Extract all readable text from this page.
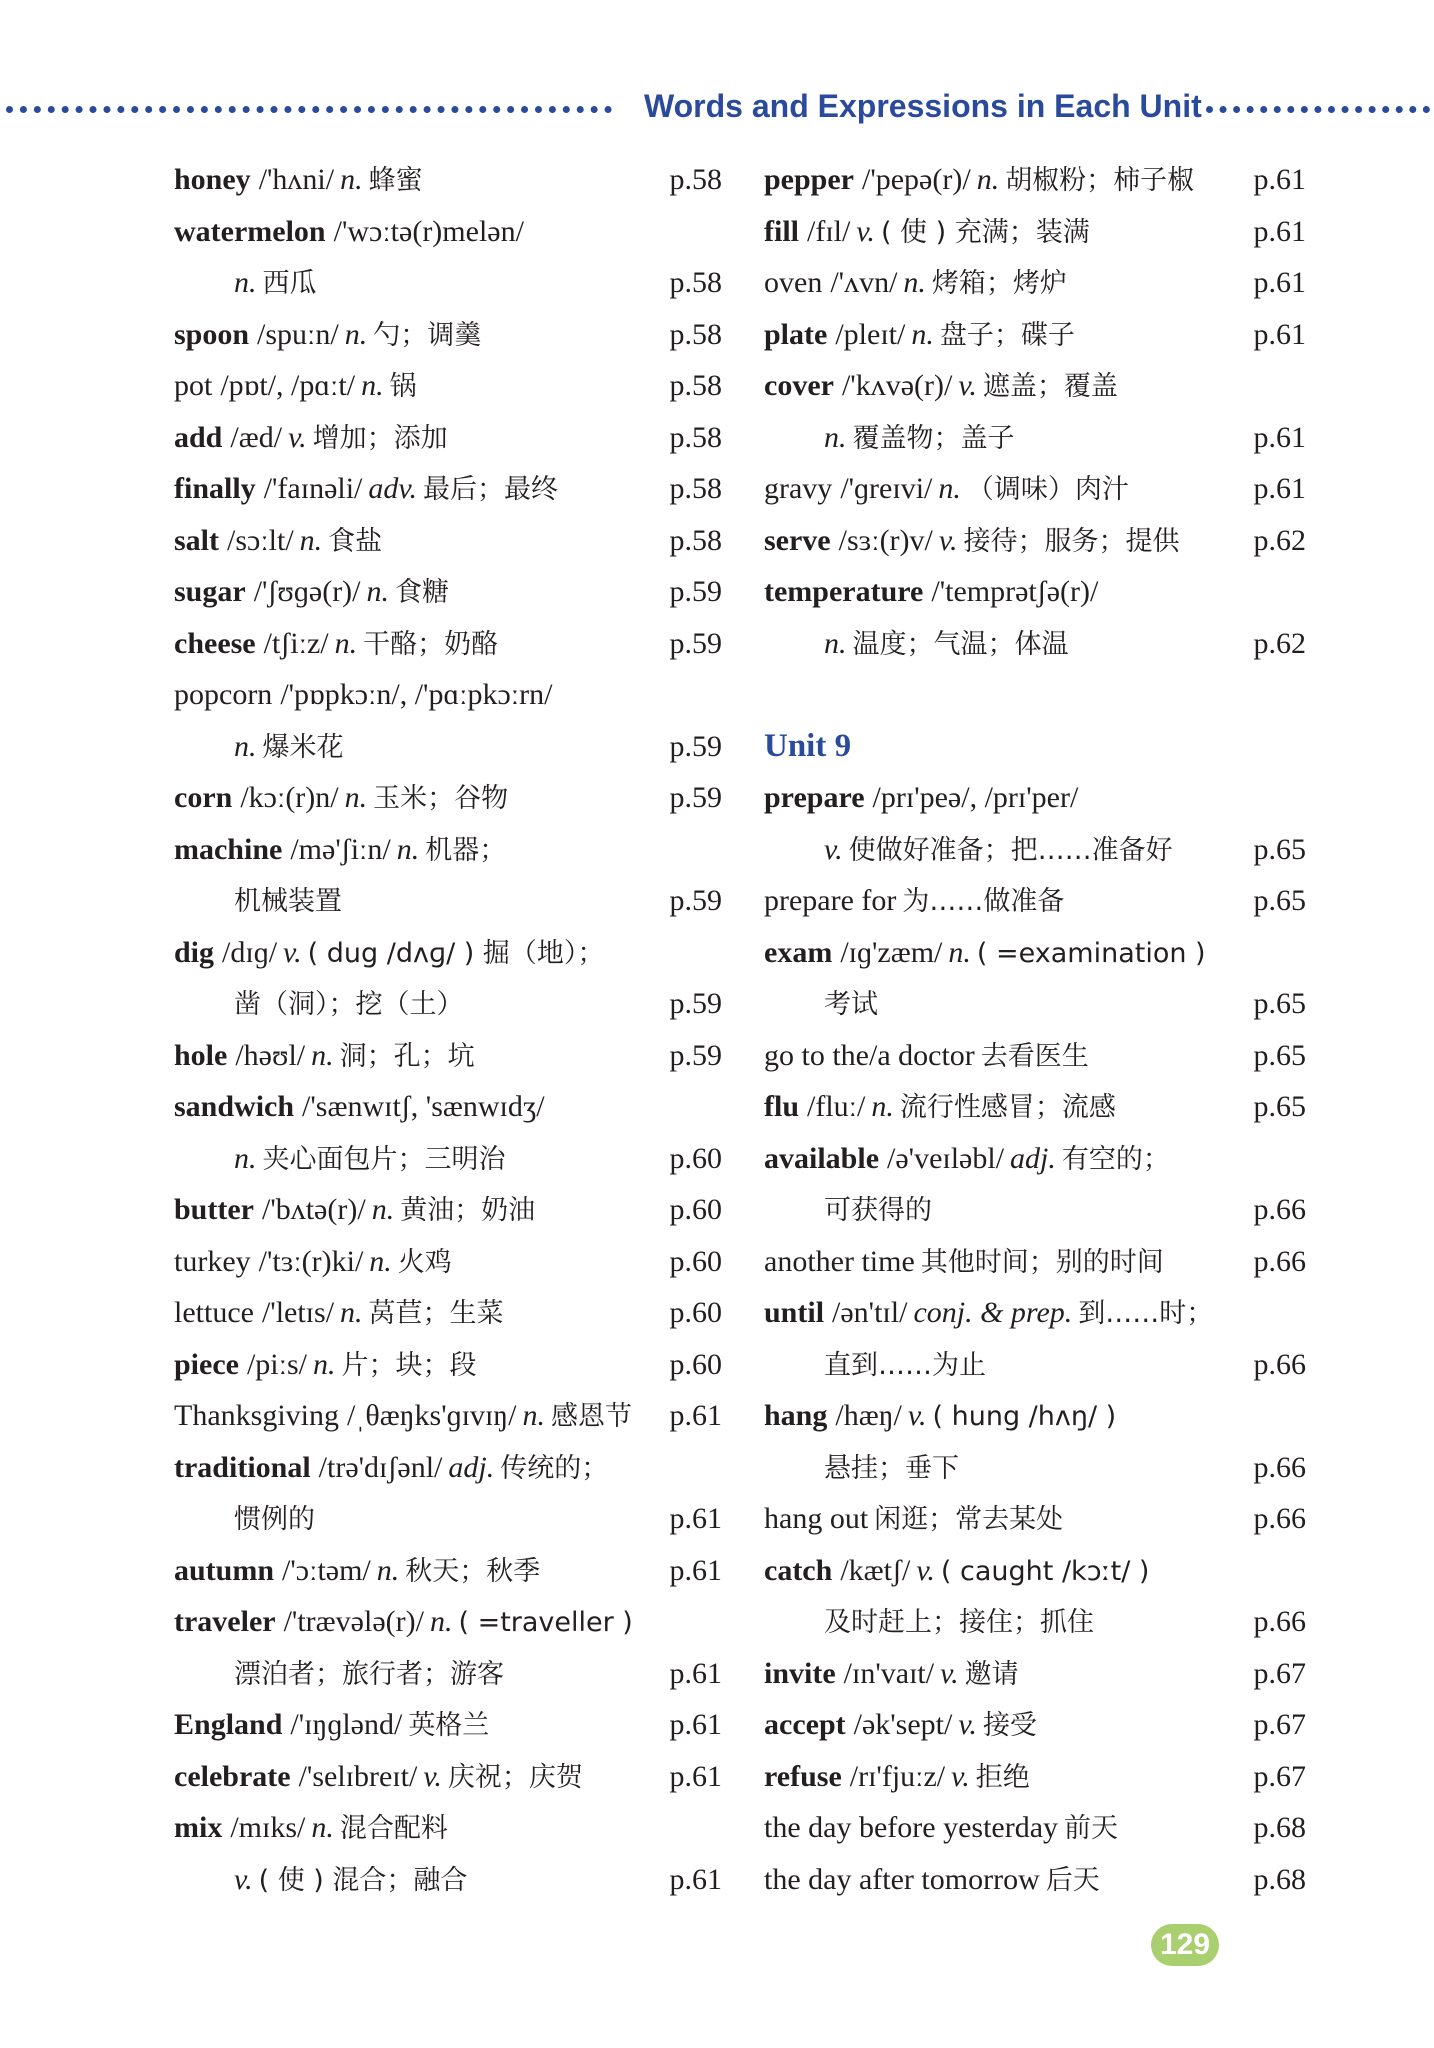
Words and Expressions in Each Unit
honey /'hʌni/ n. 蜂蜜	p.58
watermelon /'wɔːtə(r)melən/
n. 西瓜	p.58
spoon /spuːn/ n. 勺；调羹	p.58
pot /pɒt/, /pɑːt/ n. 锅	p.58
add /æd/ v. 增加；添加	p.58
finally /'faɪnəli/ adv. 最后；最终	p.58
salt /sɔːlt/ n. 食盐	p.58
sugar /'ʃʊɡə(r)/ n. 食糖	p.59
cheese /tʃiːz/ n. 干酪；奶酪	p.59
popcorn /'pɒpkɔːn/, /'pɑːpkɔːrn/
n. 爆米花	p.59
corn /kɔː(r)n/ n. 玉米；谷物	p.59
machine /mə'ʃiːn/ n. 机器；
机械装置	p.59
dig /dɪɡ/ v. ( dug /dʌɡ/ ) 掘（地）；
凿（洞）；挖（土）	p.59
hole /həʊl/ n. 洞；孔；坑	p.59
sandwich /'sænwɪtʃ, 'sænwɪdʒ/
n. 夹心面包片；三明治	p.60
butter /'bʌtə(r)/ n. 黄油；奶油	p.60
turkey /'tɜː(r)ki/ n. 火鸡	p.60
lettuce /'letɪs/ n. 莴苣；生菜	p.60
piece /piːs/ n. 片；块；段	p.60
Thanksgiving /ˌθæŋks'ɡɪvɪŋ/ n. 感恩节 p.61
traditional /trə'dɪʃənl/ adj. 传统的；
惯例的	p.61
autumn /'ɔːtəm/ n. 秋天；秋季	p.61
traveler /'trævələ(r)/ n. ( =traveller )
漂泊者；旅行者；游客	p.61
England /'ɪŋɡlənd/ 英格兰	p.61
celebrate /'selɪbreɪt/ v. 庆祝；庆贺	p.61
mix /mɪks/ n. 混合配料
v. ( 使 ) 混合；融合	p.61
pepper /'pepə(r)/ n. 胡椒粉；柿子椒 p.61
fill /fɪl/ v. ( 使 ) 充满；装满	p.61
oven /'ʌvn/ n. 烤箱；烤炉	p.61
plate /pleɪt/ n. 盘子；碟子	p.61
cover /'kʌvə(r)/ v. 遮盖；覆盖
n. 覆盖物；盖子	p.61
gravy /'ɡreɪvi/ n. （调味）肉汁	p.61
serve /sɜː(r)v/ v. 接待；服务；提供 p.62
temperature /'temprətʃə(r)/
n. 温度；气温；体温	p.62
Unit 9
prepare /prɪ'peə/, /prɪ'per/
v. 使做好准备；把……准备好	p.65
prepare for 为……做准备	p.65
exam /ɪɡ'zæm/ n. ( =examination )
考试	p.65
go to the/a doctor 去看医生	p.65
flu /fluː/ n. 流行性感冒；流感	p.65
available /ə'veɪləbl/ adj. 有空的；
可获得的	p.66
another time 其他时间；别的时间	p.66
until /ən'tɪl/ conj. & prep. 到……时；
直到……为止	p.66
hang /hæŋ/ v. ( hung /hʌŋ/ )
悬挂；垂下	p.66
hang out 闲逛；常去某处	p.66
catch /kætʃ/ v. ( caught /kɔːt/ )
及时赶上；接住；抓住	p.66
invite /ɪn'vaɪt/ v. 邀请	p.67
accept /ək'sept/ v. 接受	p.67
refuse /rɪ'fjuːz/ v. 拒绝	p.67
the day before yesterday 前天	p.68
the day after tomorrow 后天	p.68
129
